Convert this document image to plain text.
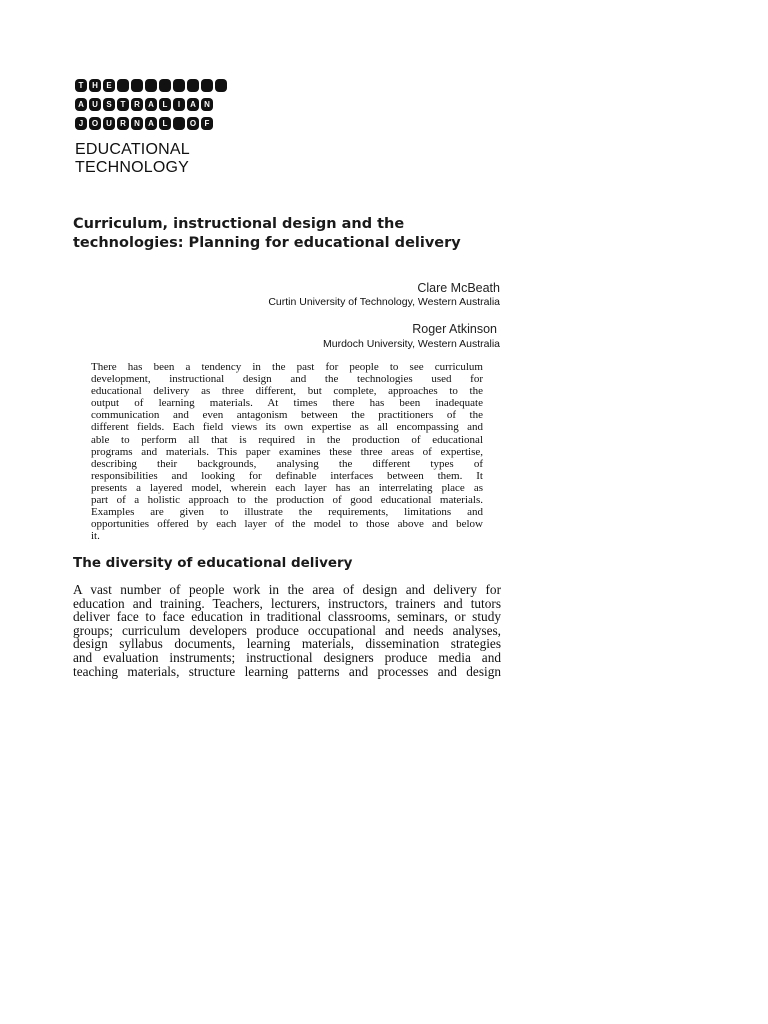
T	H	E
A	U	S	T	R	A	L	I	A	N
J	O	U	R	N	A	L	O	F
EDUCATIONAL
TECHNOLOGY
Curriculum, instructional design and the
technologies: Planning for educational delivery
Clare McBeath
Curtin University of Technology, Western Australia
Roger Atkinson
Murdoch University, Western Australia
There has been a tendency in the past for people to see curriculum
development, instructional design and the technologies used for
educational delivery as three different, but complete, approaches to the
output of learning materials. At times there has been inadequate
communication and even antagonism between the practitioners of the
different fields. Each field views its own expertise as all encompassing and
able to perform all that is required in the production of educational
programs and materials. This paper examines these three areas of expertise,
describing their backgrounds, analysing the different types of
responsibilities and looking for definable interfaces between them. It
presents a layered model, wherein each layer has an interrelating place as
part of a holistic approach to the production of good educational materials.
Examples are given to illustrate the requirements, limitations and
opportunities offered by each layer of the model to those above and below
it.
The diversity of educational delivery
A vast number of people work in the area of design and delivery for
education and training. Teachers, lecturers, instructors, trainers and tutors
deliver face to face education in traditional classrooms, seminars, or study
groups; curriculum developers produce occupational and needs analyses,
design syllabus documents, learning materials, dissemination strategies
and evaluation instruments; instructional designers produce media and
teaching materials, structure learning patterns and processes and design
